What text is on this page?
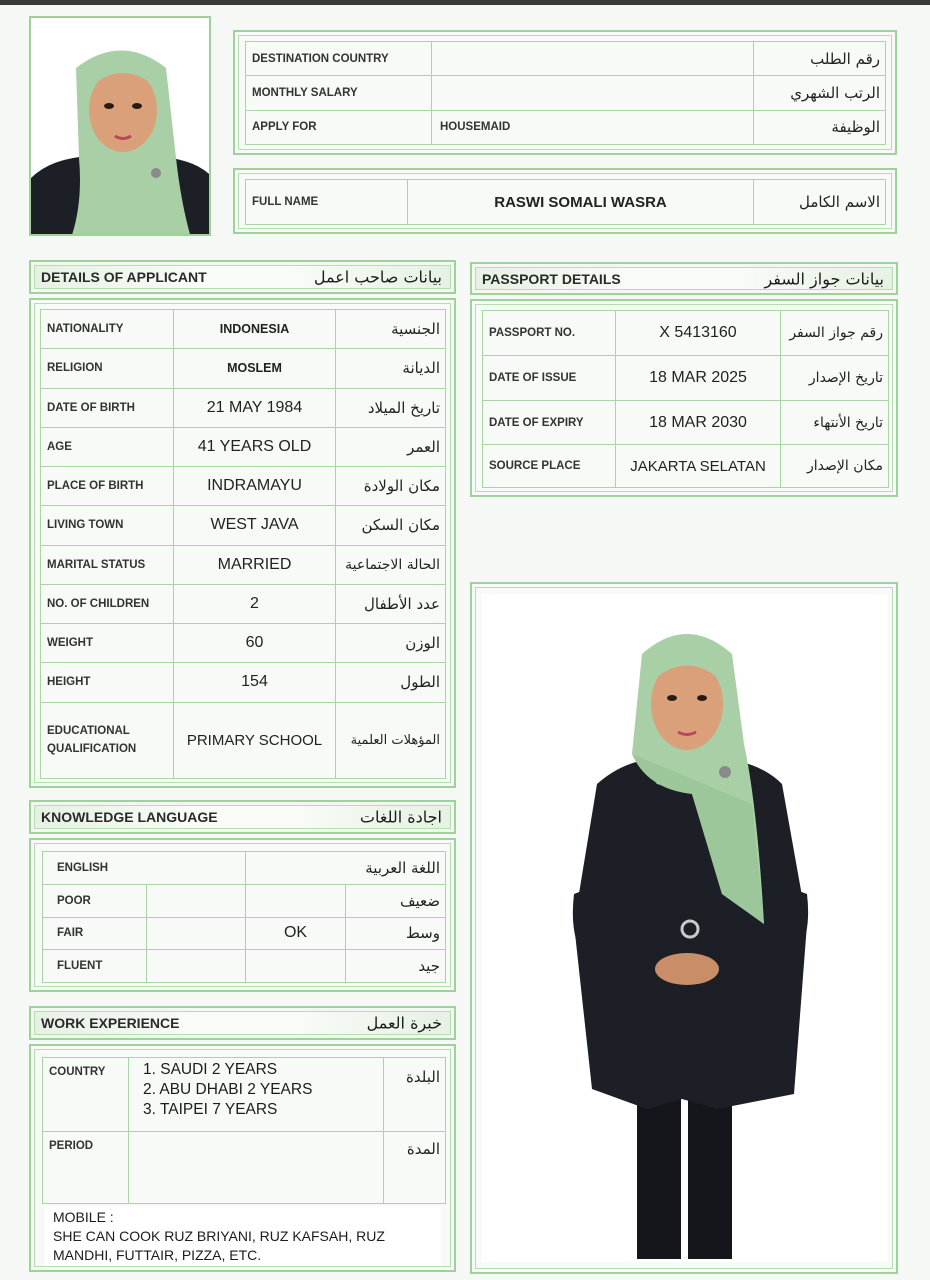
DESTINATION COUNTRY		رقم الطلب
MONTHLY SALARY		الرتب الشهري
APPLY FOR	HOUSEMAID	الوظيفة
FULL NAME	RASWI SOMALI WASRA	الاسم الكامل
DETAILS OF APPLICANT	بيانات صاحب اعمل
NATIONALITY	INDONESIA	الجنسية
RELIGION	MOSLEM	الديانة
DATE OF BIRTH	21 MAY 1984	تاريخ الميلاد
AGE	41 YEARS OLD	العمر
PLACE OF BIRTH	INDRAMAYU	مكان الولادة
LIVING TOWN	WEST JAVA	مكان السكن
MARITAL STATUS	MARRIED	الحالة الاجتماعية
NO. OF CHILDREN	2	عدد الأطفال
WEIGHT	60	الوزن
HEIGHT	154	الطول
EDUCATIONAL QUALIFICATION	PRIMARY SCHOOL	المؤهلات العلمية
PASSPORT DETAILS	بيانات جواز السفر
PASSPORT NO.	X 5413160	رقم جواز السفر
DATE OF ISSUE	18 MAR 2025	تاريخ الإصدار
DATE OF EXPIRY	18 MAR 2030	تاريخ الأنتهاء
SOURCE PLACE	JAKARTA SELATAN	مكان الإصدار
KNOWLEDGE LANGUAGE	اجادة اللغات
ENGLISH		اللغة العربية	
POOR			ضعيف
FAIR		OK	وسط
FLUENT			جيد
WORK EXPERIENCE	خبرة العمل
COUNTRY	1. SAUDI 2 YEARS
2. ABU DHABI 2 YEARS
3. TAIPEI 7 YEARS	البلدة
PERIOD		المدة
MOBILE :
SHE CAN COOK RUZ BRIYANI, RUZ KAFSAH, RUZ MANDHI, FUTTAIR, PIZZA, ETC.
